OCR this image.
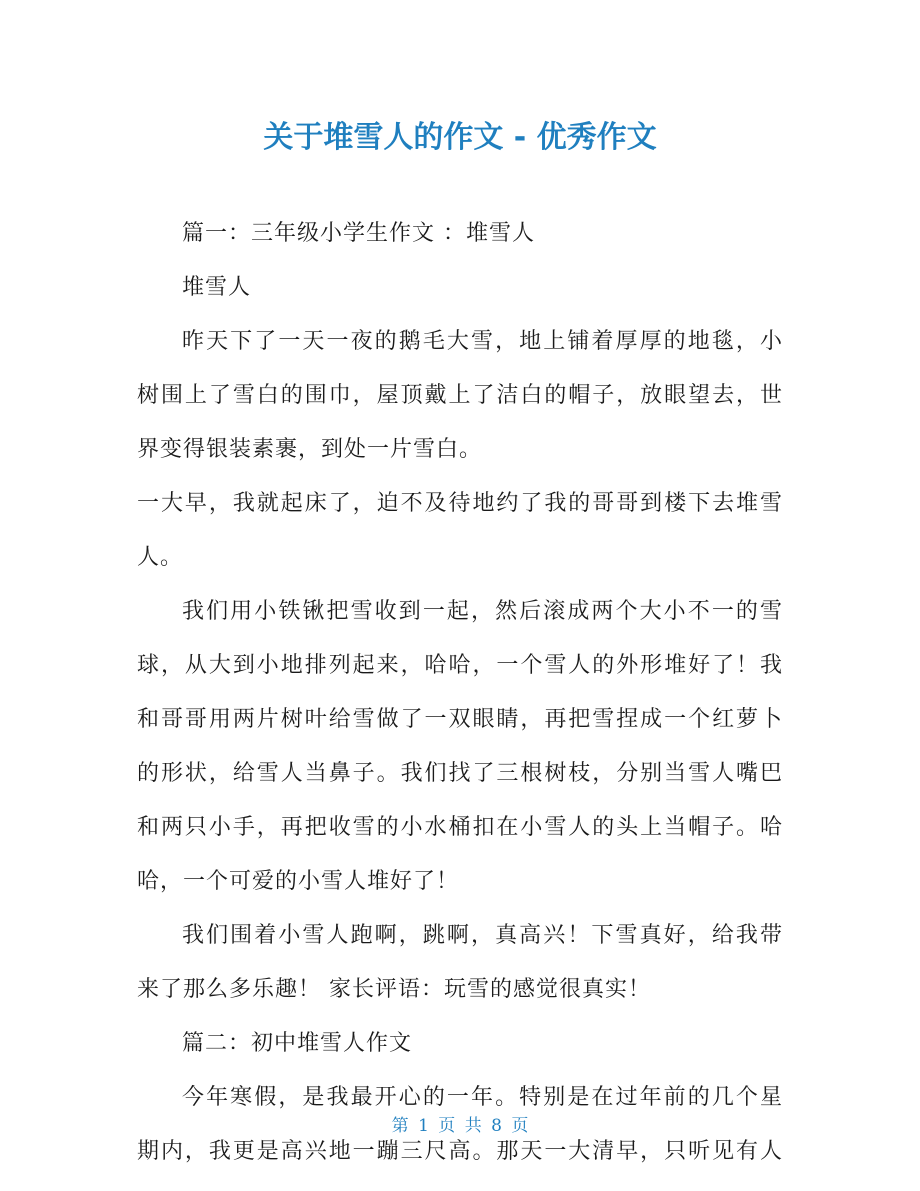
关于堆雪人的作文 - 优秀作文
篇一：三年级小学生作文 ：堆雪人
堆雪人
昨天下了一天一夜的鹅毛大雪，地上铺着厚厚的地毯，小
树围上了雪白的围巾，屋顶戴上了洁白的帽子，放眼望去，世
界变得银装素裹，到处一片雪白。
一大早，我就起床了，迫不及待地约了我的哥哥到楼下去堆雪
人。
我们用小铁锹把雪收到一起，然后滚成两个大小不一的雪
球，从大到小地排列起来，哈哈，一个雪人的外形堆好了！我
和哥哥用两片树叶给雪做了一双眼睛，再把雪捏成一个红萝卜
的形状，给雪人当鼻子。我们找了三根树枝，分别当雪人嘴巴
和两只小手，再把收雪的小水桶扣在小雪人的头上当帽子。哈
哈，一个可爱的小雪人堆好了！
我们围着小雪人跑啊，跳啊，真高兴！下雪真好，给我带
来了那么多乐趣！ 家长评语：玩雪的感觉很真实！
篇二：初中堆雪人作文
今年寒假，是我最开心的一年。特别是在过年前的几个星
期内，我更是高兴地一蹦三尺高。那天一大清早，只听见有人
第 1 页 共 8 页
